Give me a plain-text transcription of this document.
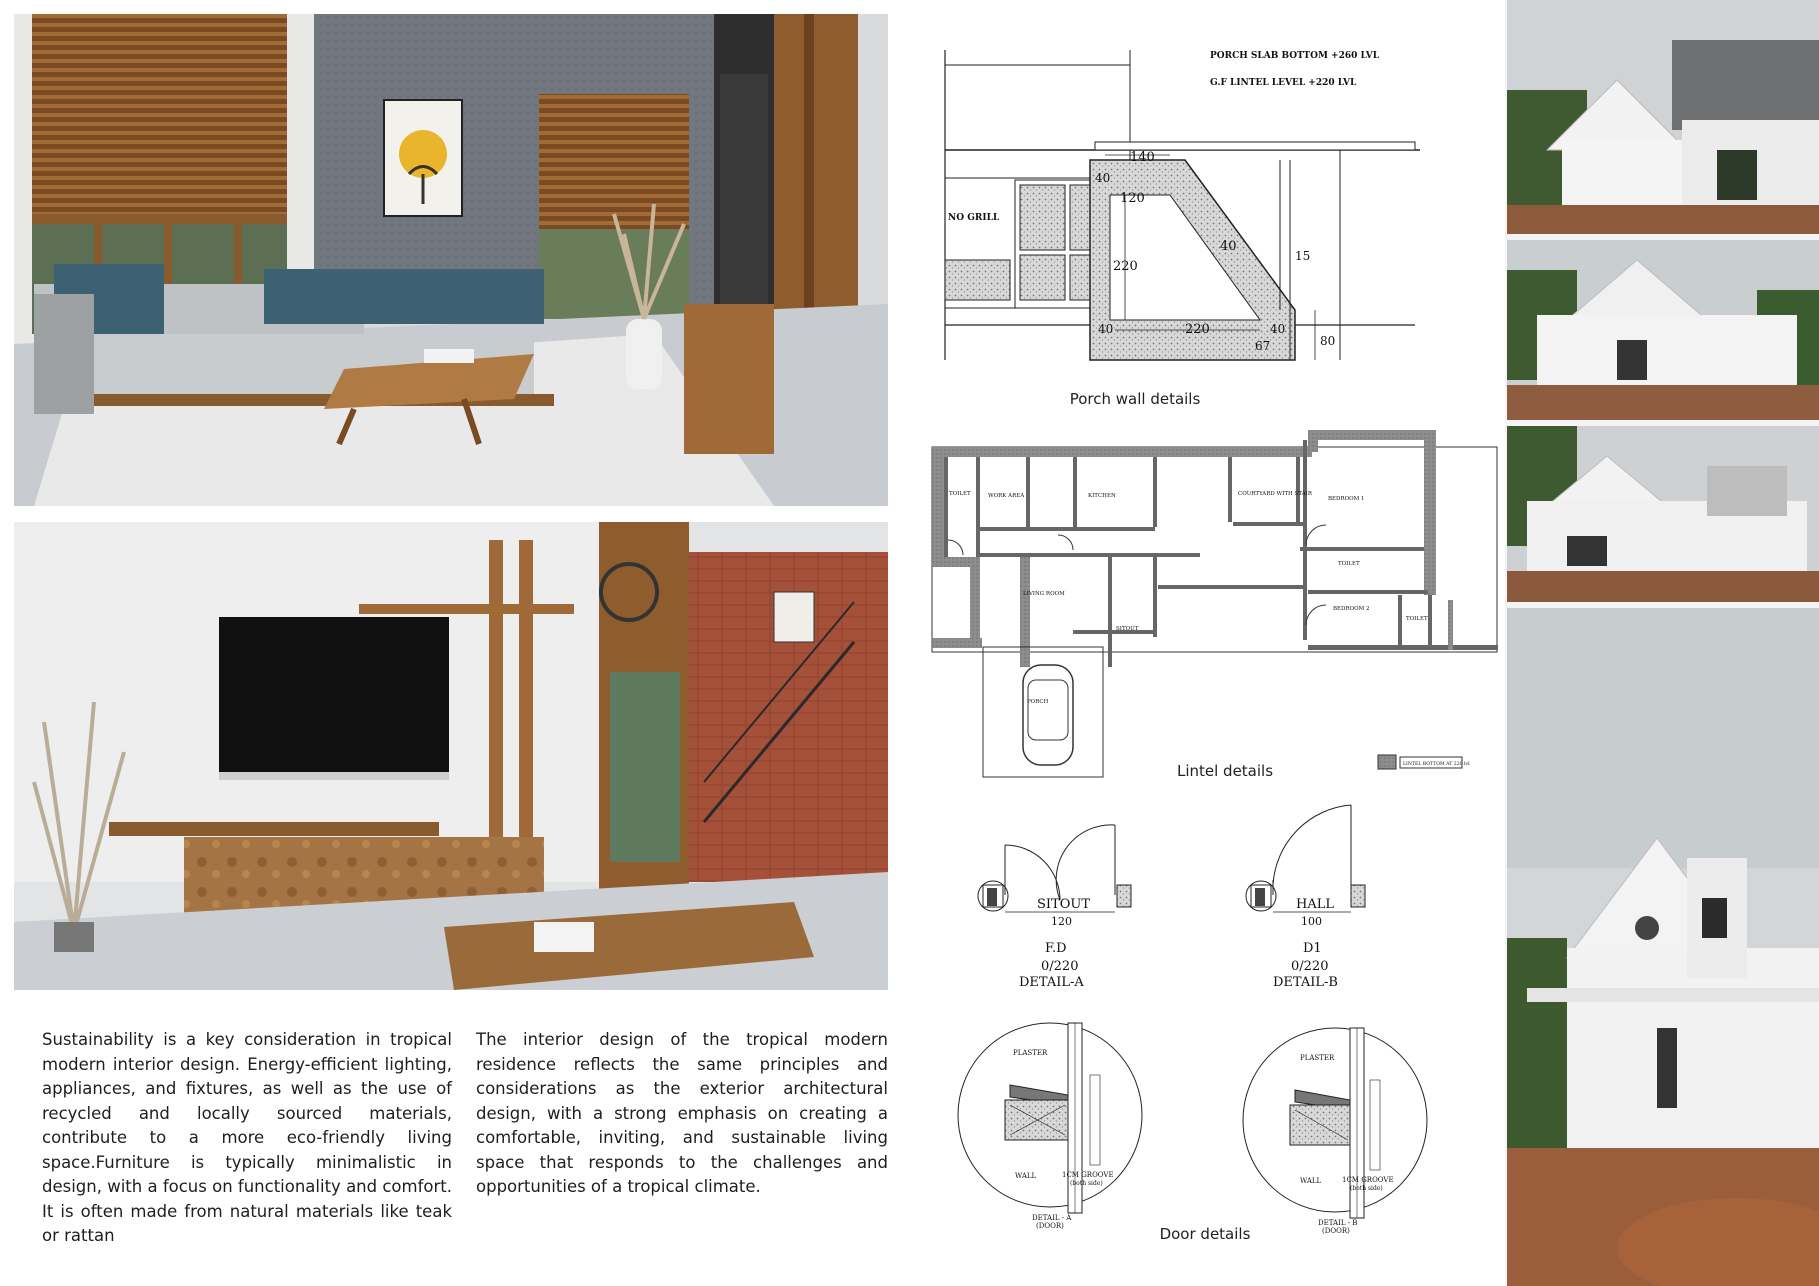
Sustainability is a key consideration in tropical modern interior design. Energy-efficient lighting, appliances, and fixtures, as well as the use of recycled and locally sourced materials, contribute to a more eco-friendly living space.Furniture is typically minimalistic in design, with a focus on functionality and comfort. It is often made from natural materials like teak or rattan

The interior design of the tropical modern residence reflects the same principles and considerations as the exterior architectural design, with a strong emphasis on creating a comfortable, inviting, and sustainable living space that responds to the challenges and opportunities of a tropical climate.

PORCH SLAB BOTTOM +260 LVL
G.F LINTEL LEVEL +220 LVL
NO GRILL
140
40
120
220
40
15
40	220	40
67	80
Porch wall details
LINTEL BOTTOM AT 220 lvl
TOILET	WORK AREA	KITCHEN	COURTYARD WITH STAIR
BEDROOM 1
TOILET
LIVING ROOM
SITOUT
BEDROOM 2
TOILET
PORCH
Lintel details
SITOUT
120
F.D
0/220
DETAIL-A
HALL
100
D1
0/220
DETAIL-B
PLASTER
WALL	1CM GROOVE
(both side)
DETAIL - A
(DOOR)
PLASTER
WALL	1CM GROOVE
(both side)
DETAIL - B
(DOOR)
Door details
